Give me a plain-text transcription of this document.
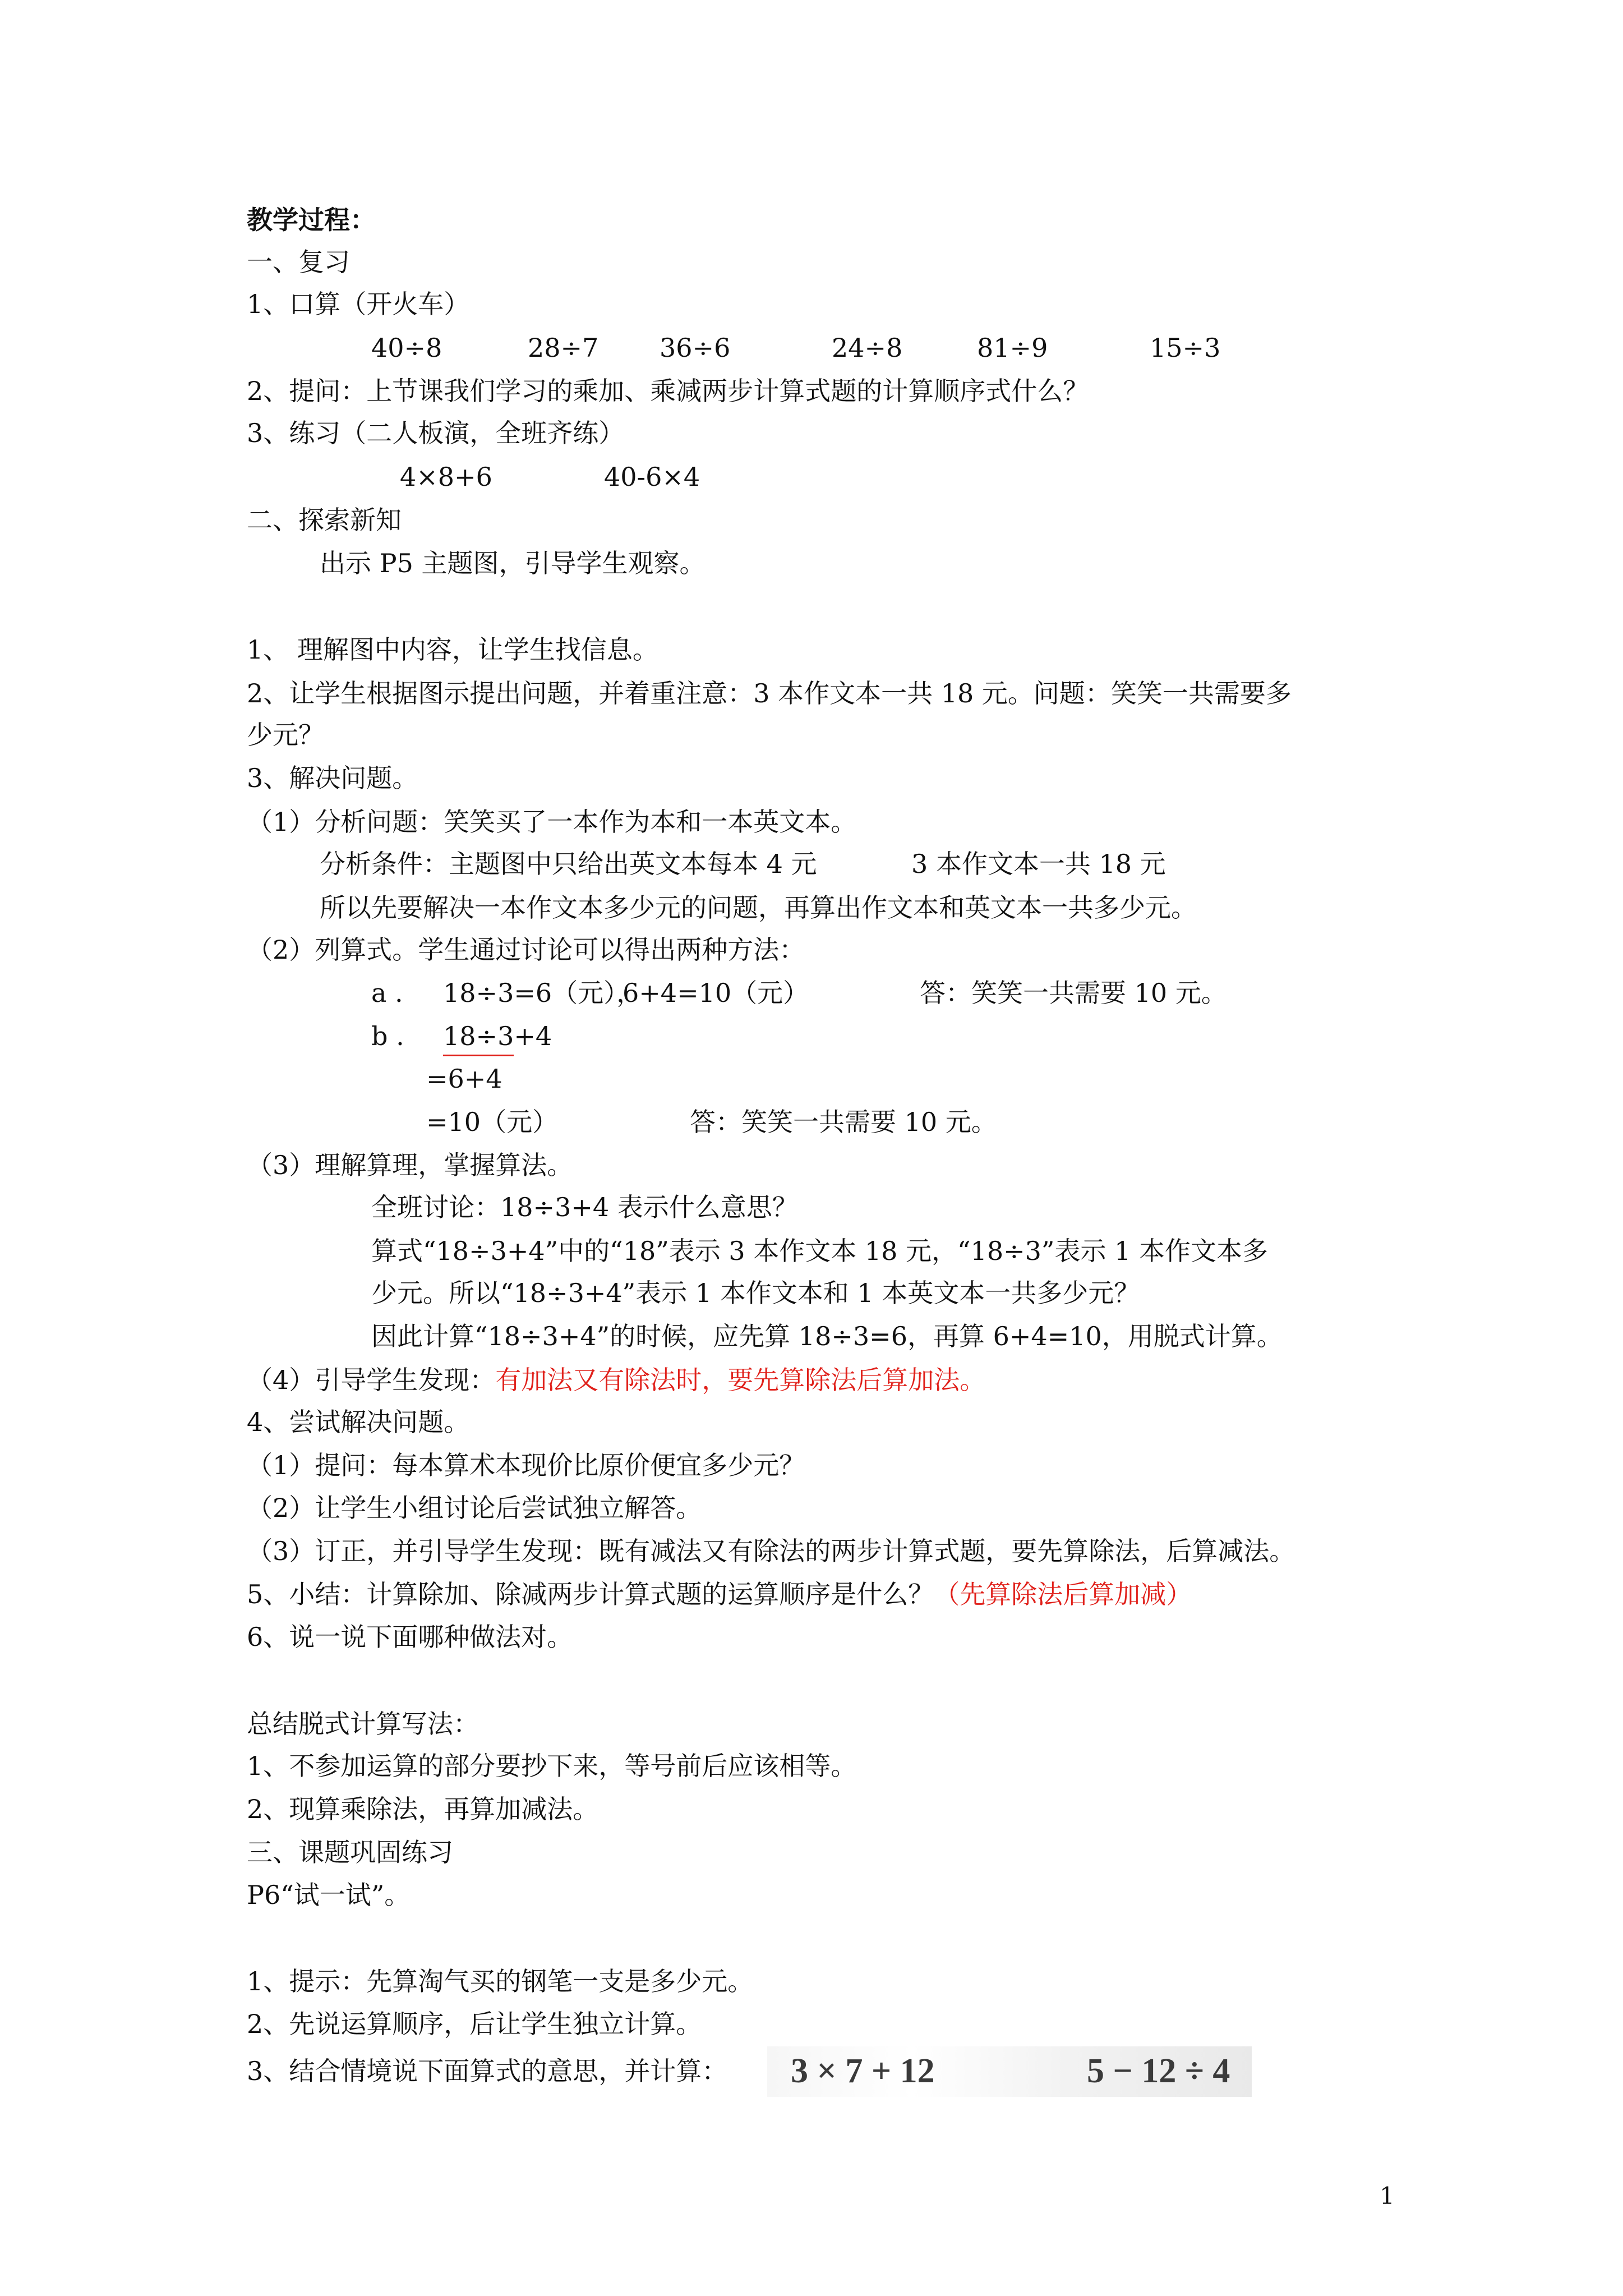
教学过程：
一、复习
1、口算（开火车）
40÷8	28÷7 36÷6	24÷8	81÷9	15÷3
2、提问：上节课我们学习的乘加、乘减两步计算式题的计算顺序式什么？
3、练习（二人板演，全班齐练）
4×8+6	40-6×4
二、探索新知
出示 P5 主题图，引导学生观察。
1、 理解图中内容，让学生找信息。
2、让学生根据图示提出问题，并着重注意：3 本作文本一共 18 元。问题：笑笑一共需要多
少元？
3、解决问题。
（1）分析问题：笑笑买了一本作为本和一本英文本。
分析条件：主题图中只给出英文本每本 4 元	3 本作文本一共 18 元
所以先要解决一本作文本多少元的问题，再算出作文本和英文本一共多少元。
（2）列算式。学生通过讨论可以得出两种方法：
a . 18÷3=6（元），
6+4=10（元）	答：笑笑一共需要 10 元。
b . 18÷3+4
=6+4
=10（元）	答：笑笑一共需要 10 元。
（3）理解算理，掌握算法。
全班讨论：18÷3+4 表示什么意思？
算式“18÷3+4”中的“18”表示 3 本作文本 18 元，“18÷3”表示 1 本作文本多
少元。所以“18÷3+4”表示 1 本作文本和 1 本英文本一共多少元？
因此计算“18÷3+4”的时候，应先算 18÷3=6，再算 6+4=10，用脱式计算。
（4）引导学生发现：有加法又有除法时，要先算除法后算加法。
4、尝试解决问题。
（1）提问：每本算术本现价比原价便宜多少元？
（2）让学生小组讨论后尝试独立解答。
（3）订正，并引导学生发现：既有减法又有除法的两步计算式题，要先算除法，后算减法。
5、小结：计算除加、除减两步计算式题的运算顺序是什么？（先算除法后算加减）
6、说一说下面哪种做法对。
总结脱式计算写法：
1、不参加运算的部分要抄下来，等号前后应该相等。
2、现算乘除法，再算加减法。
三、课题巩固练习
P6“试一试”。
1、提示：先算淘气买的钢笔一支是多少元。
2、先说运算顺序，后让学生独立计算。
3、结合情境说下面算式的意思，并计算： 3 × 7 + 12	5 − 12 ÷ 4
1
